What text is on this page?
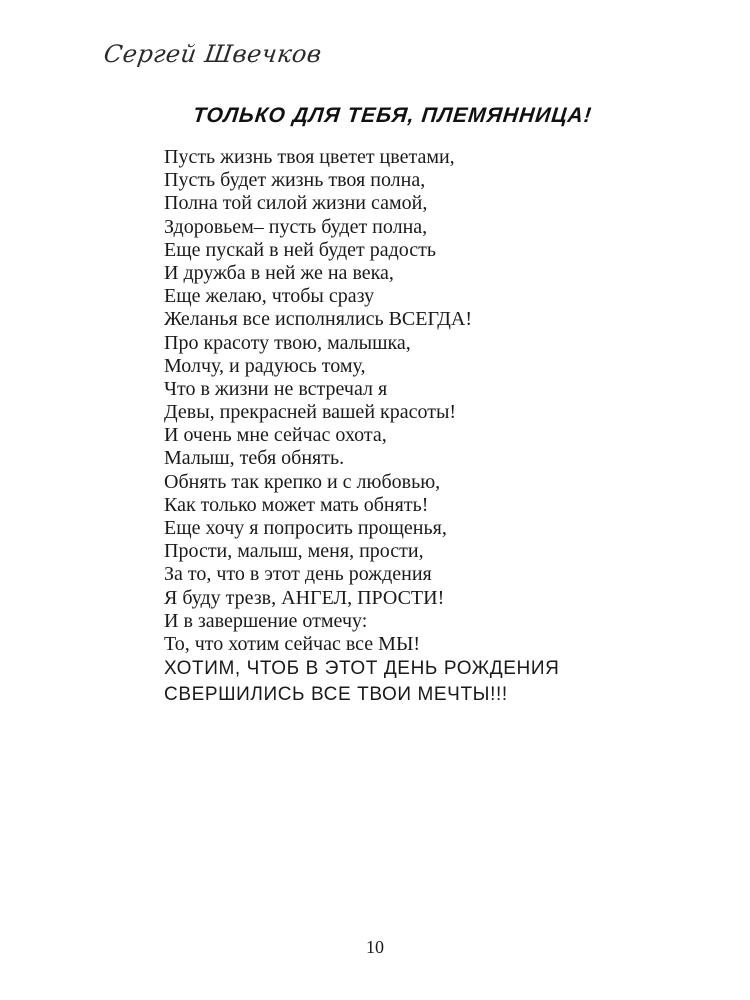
Сергей Швечков
ТОЛЬКО ДЛЯ ТЕБЯ, ПЛЕМЯННИЦА!
Пусть жизнь твоя цветет цветами,
Пусть будет жизнь твоя полна,
Полна той силой жизни самой,
Здоровьем– пусть будет полна,
Еще пускай в ней будет радость
И дружба в ней же на века,
Еще желаю, чтобы сразу
Желанья все исполнялись ВСЕГДА!
Про красоту твою, малышка,
Молчу, и радуюсь тому,
Что в жизни не встречал я
Девы, прекрасней вашей красоты!
И очень мне сейчас охота,
Малыш, тебя обнять.
Обнять так крепко и с любовью,
Как только может мать обнять!
Еще хочу я попросить прощенья,
Прости, малыш, меня, прости,
За то, что в этот день рождения
Я буду трезв, АНГЕЛ, ПРОСТИ!
И в завершение отмечу:
То, что хотим сейчас все МЫ!
ХОТИМ, ЧТОБ В ЭТОТ ДЕНЬ РОЖДЕНИЯ
СВЕРШИЛИСЬ ВСЕ ТВОИ МЕЧТЫ!!!
10
